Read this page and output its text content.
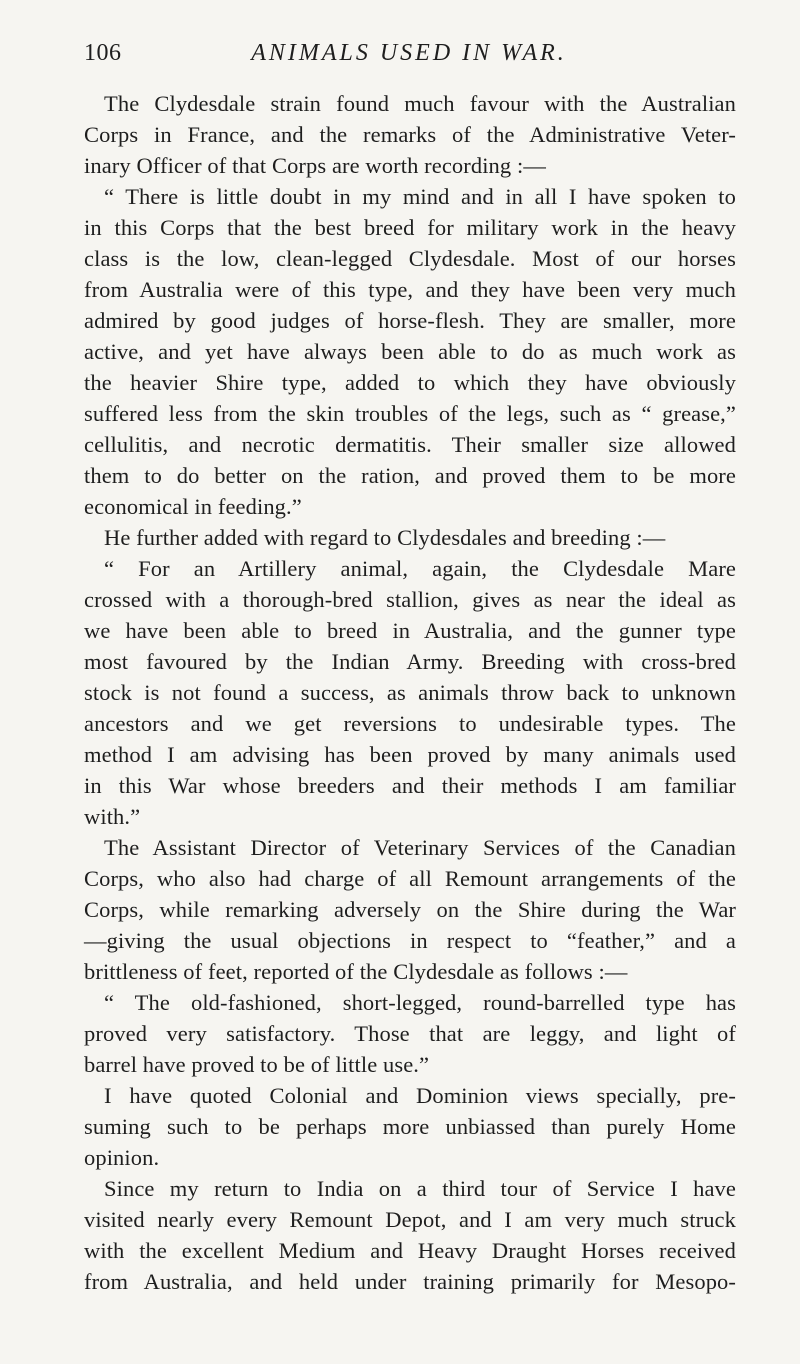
106	ANIMALS USED IN WAR.
The Clydesdale strain found much favour with the Australian
Corps in France, and the remarks of the Administrative Veter-
inary Officer of that Corps are worth recording :—
“ There is little doubt in my mind and in all I have spoken to
in this Corps that the best breed for military work in the heavy
class is the low, clean-legged Clydesdale. Most of our horses
from Australia were of this type, and they have been very much
admired by good judges of horse-flesh. They are smaller, more
active, and yet have always been able to do as much work as
the heavier Shire type, added to which they have obviously
suffered less from the skin troubles of the legs, such as “ grease,”
cellulitis, and necrotic dermatitis. Their smaller size allowed
them to do better on the ration, and proved them to be more
economical in feeding.”
He further added with regard to Clydesdales and breeding :—
“ For an Artillery animal, again, the Clydesdale Mare
crossed with a thorough-bred stallion, gives as near the ideal as
we have been able to breed in Australia, and the gunner type
most favoured by the Indian Army. Breeding with cross-bred
stock is not found a success, as animals throw back to unknown
ancestors and we get reversions to undesirable types. The
method I am advising has been proved by many animals used
in this War whose breeders and their methods I am familiar
with.”
The Assistant Director of Veterinary Services of the Canadian
Corps, who also had charge of all Remount arrangements of the
Corps, while remarking adversely on the Shire during the War
—giving the usual objections in respect to “feather,” and a
brittleness of feet, reported of the Clydesdale as follows :—
“ The old-fashioned, short-legged, round-barrelled type has
proved very satisfactory. Those that are leggy, and light of
barrel have proved to be of little use.”
I have quoted Colonial and Dominion views specially, pre-
suming such to be perhaps more unbiassed than purely Home
opinion.
Since my return to India on a third tour of Service I have
visited nearly every Remount Depot, and I am very much struck
with the excellent Medium and Heavy Draught Horses received
from Australia, and held under training primarily for Mesopo-
